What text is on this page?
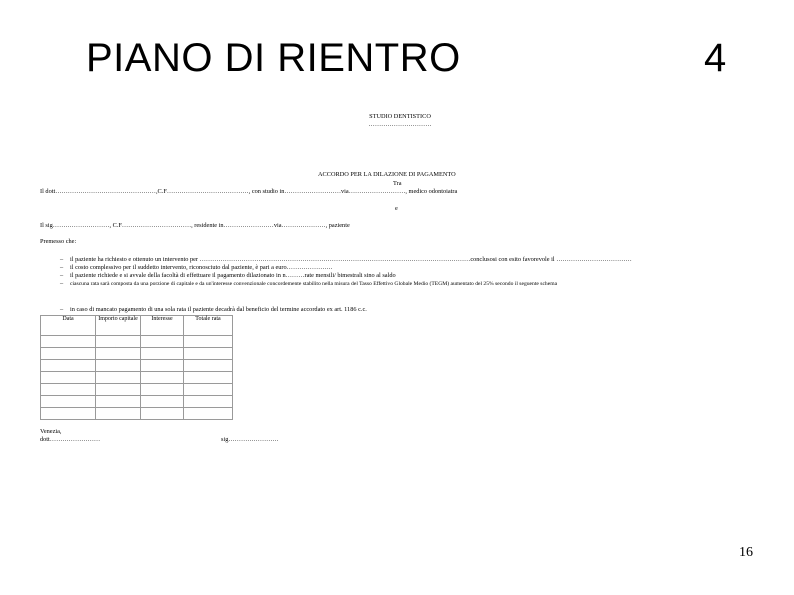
PIANO DI RIENTRO	4
STUDIO DENTISTICO
…………………………
ACCORDO PER LA DILAZIONE DI PAGAMENTO
Tra
Il dott…………………………………………,C.F…………………………………, con studio in………………………via………………………, medico odontoiatra
e
Il sig………………………, C.F……………………………, residente in……………………via…………………, paziente
Premesso che:
– il paziente ha richiesto e ottenuto un intervento per …………………………………………………………………………………………………………………conclusosi con esito favorevole il ………………………………
– il costo complessivo per il suddetto intervento, riconosciuto dal paziente, è pari a euro………………….
– il paziente richiede e si avvale della facoltà di effettuare il pagamento dilazionato in n………rate mensili/ bimestrali sino al saldo
– ciascuna rata sarà composta da una porzione di capitale e da un'interesse convenzionale concordemente stabilito nella misura del Tasso Effettivo Globale Medio (TEGM) aumentato del 25% secondo il seguente schema
– in caso di mancato pagamento di una sola rata il paziente decadrà dal beneficio del termine accordato ex art. 1186 c.c.
Data	Importo capitale	Interesse	Totale rata

Venezia,
dott……………………	sig……………………
16
